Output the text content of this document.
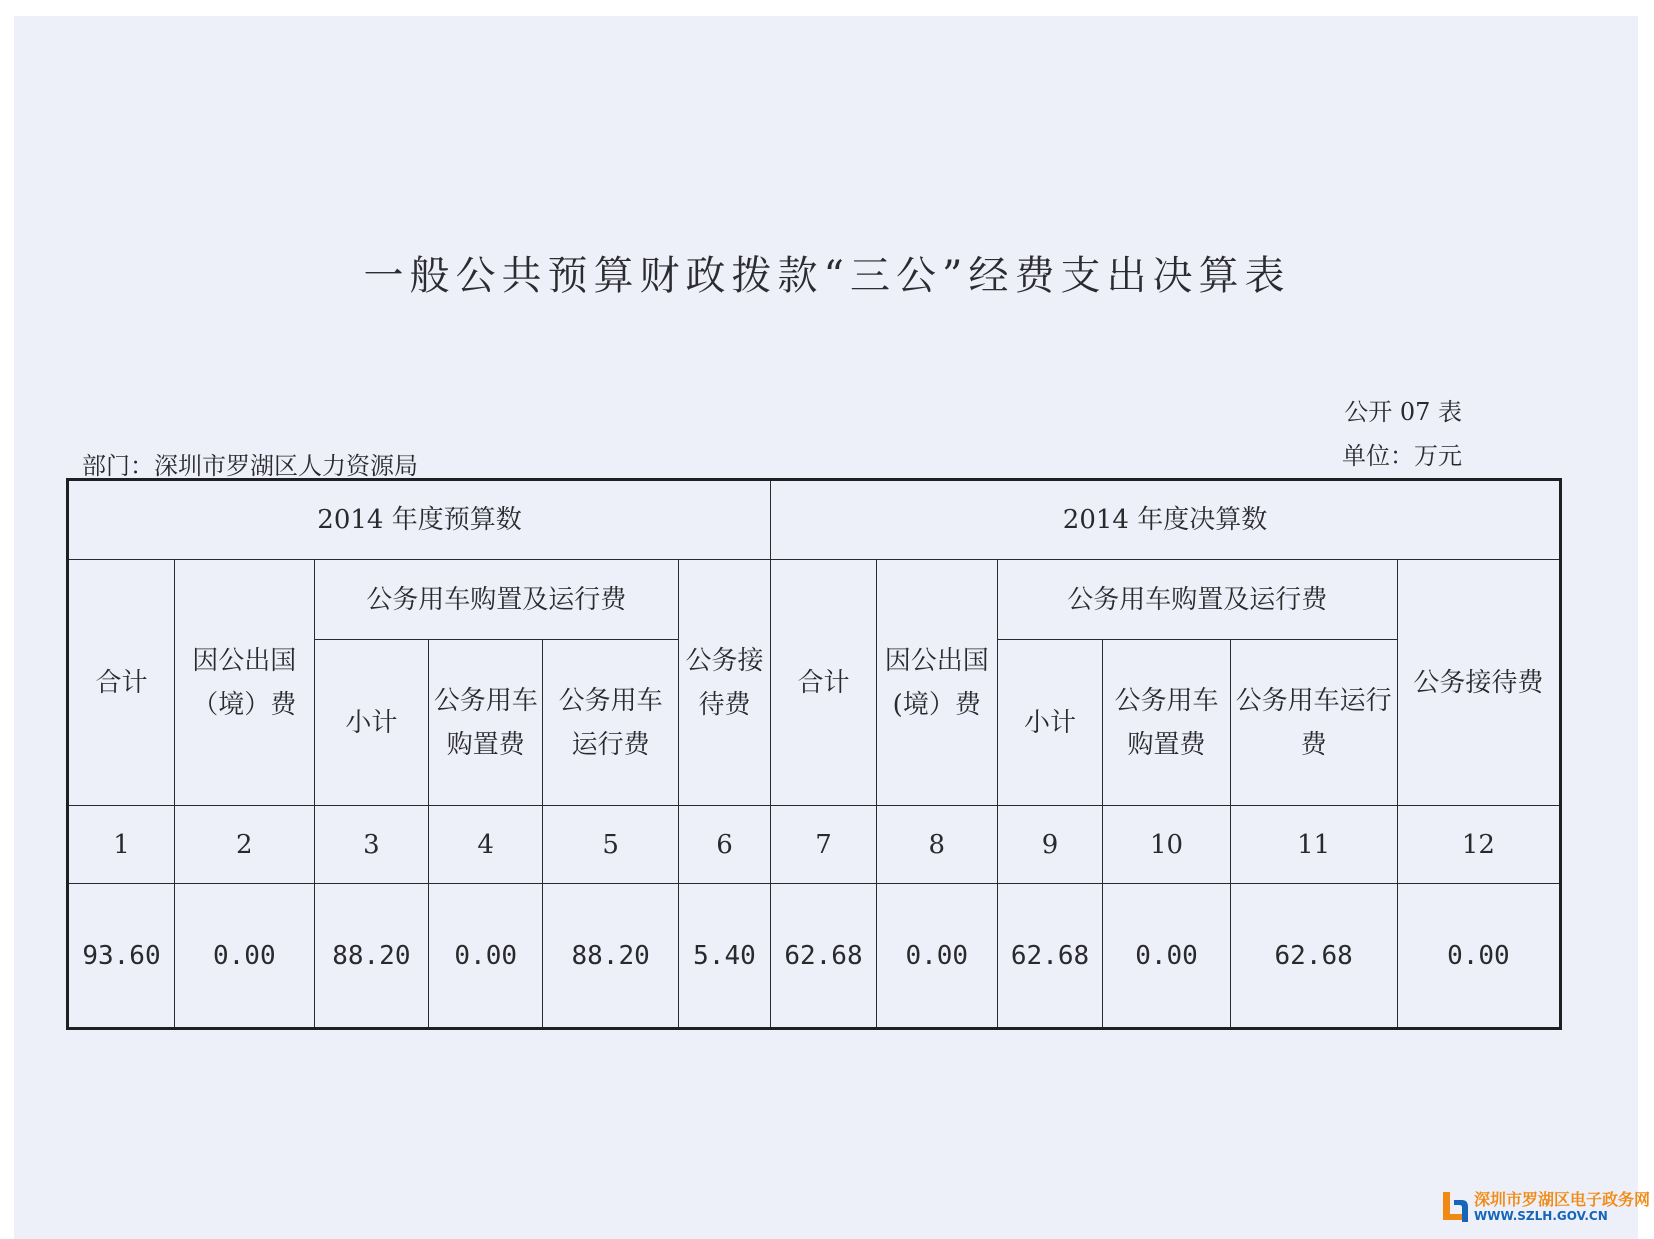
一般公共预算财政拨款“三公”经费支出决算表
公开 07 表
单位：万元
部门：深圳市罗湖区人力资源局
2014 年度预算数						2014 年度决算数					
合计	因公出国（境）费	公务用车购置及运行费			公务接待费	合计	因公出国(境）费	公务用车购置及运行费			公务接待费
		小计	公务用车购置费	公务用车运行费				小计	公务用车购置费	公务用车运行费	
1	2	3	4	5	6	7	8	9	10	11	12
93.60	0.00	88.20	0.00	88.20	5.40	62.68	0.00	62.68	0.00	62.68	0.00
深圳市罗湖区电子政务网
WWW.SZLH.GOV.CN
